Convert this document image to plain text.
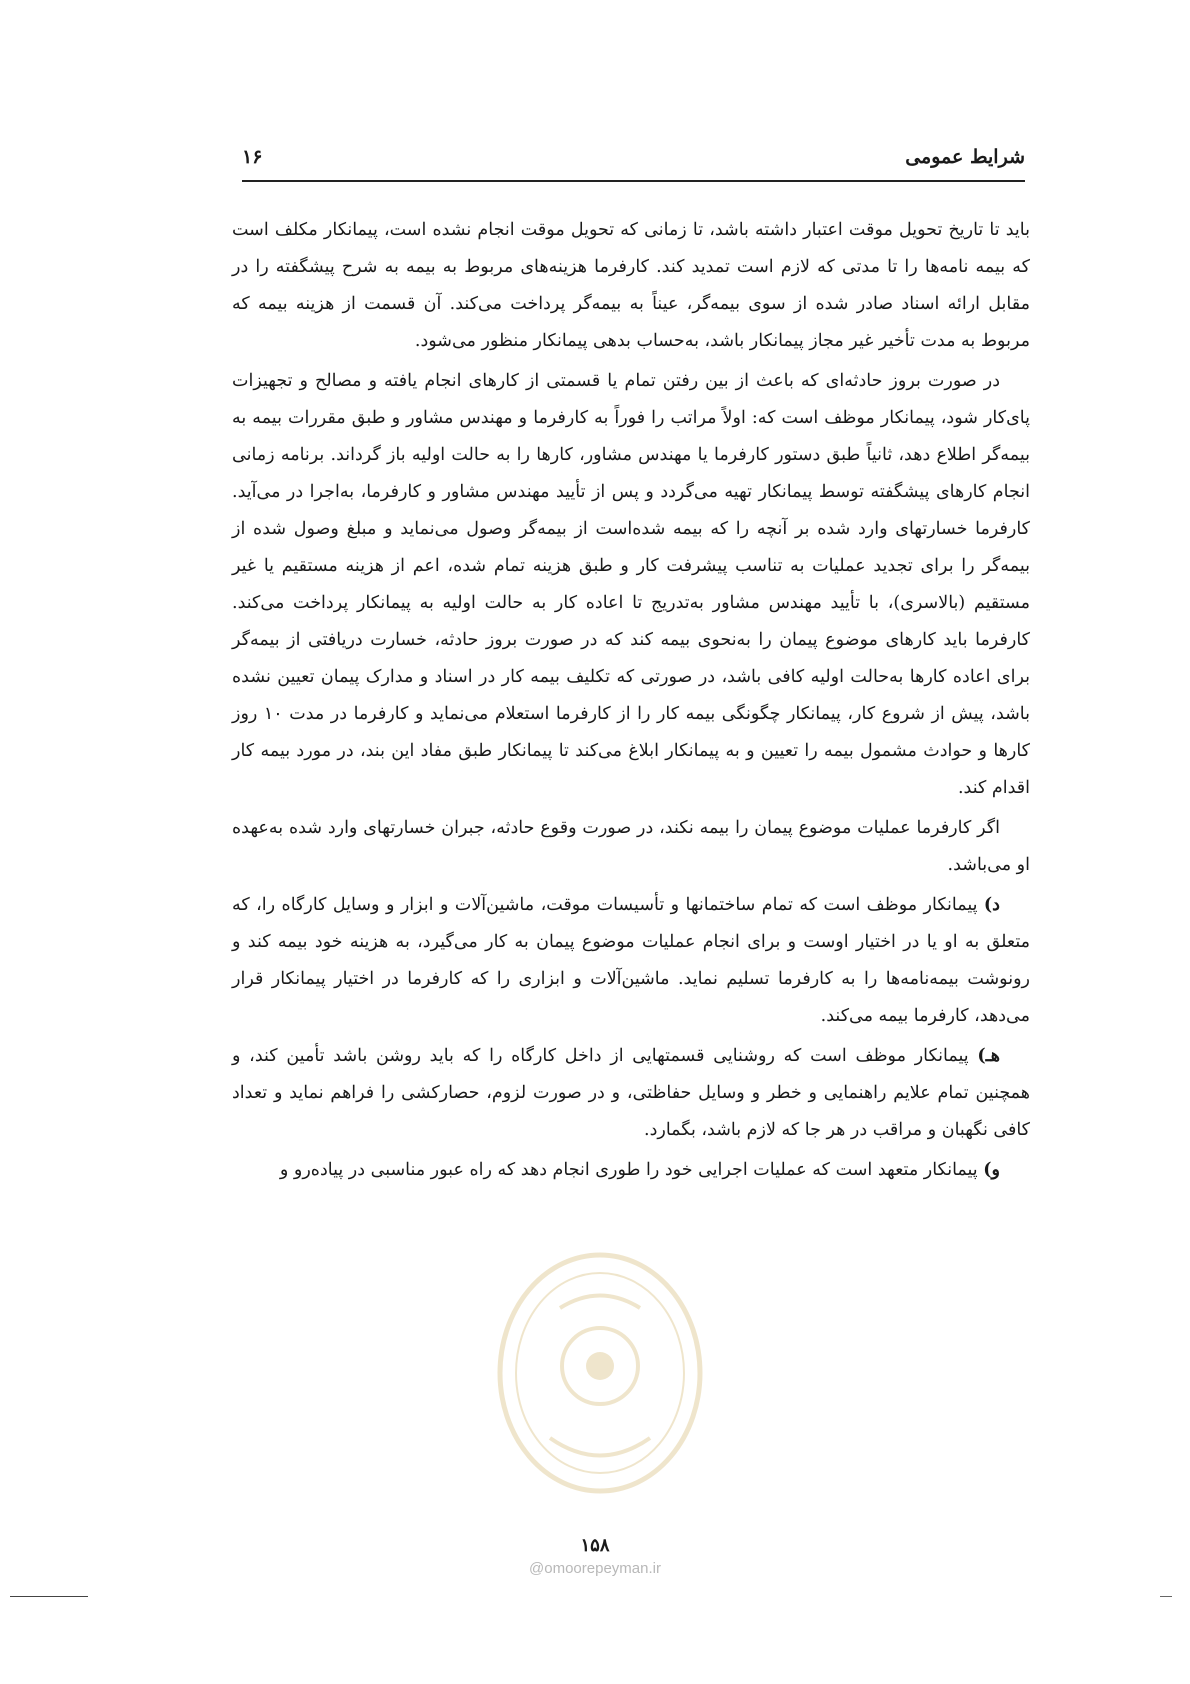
شرایط عمومی
۱۶

باید تا تاریخ تحویل موقت اعتبار داشته باشد، تا زمانی که تحویل موقت انجام نشده است، پیمانکار مکلف است که بیمه نامه‌ها را تا مدتی که لازم است تمدید کند. کارفرما هزینه‌های مربوط به بیمه به شرح پیشگفته را در مقابل ارائه اسناد صادر شده از سوی بیمه‌گر، عیناً به بیمه‌گر پرداخت می‌کند. آن قسمت از هزینه بیمه که مربوط به مدت تأخیر غیر مجاز پیمانکار باشد، به‌حساب بدهی پیمانکار منظور می‌شود.

در صورت بروز حادثه‌ای که باعث از بین رفتن تمام یا قسمتی از کارهای انجام یافته و مصالح و تجهیزات پای‌کار شود، پیمانکار موظف است که: اولاً مراتب را فوراً به کارفرما و مهندس مشاور و طبق مقررات بیمه به بیمه‌گر اطلاع دهد، ثانیاً طبق دستور کارفرما یا مهندس مشاور، کارها را به حالت اولیه باز گرداند. برنامه زمانی انجام کارهای پیشگفته توسط پیمانکار تهیه می‌گردد و پس از تأیید مهندس مشاور و کارفرما، به‌اجرا در می‌آید. کارفرما خسارتهای وارد شده بر آنچه را که بیمه شده‌است از بیمه‌گر وصول می‌نماید و مبلغ وصول شده از بیمه‌گر را برای تجدید عملیات به تناسب پیشرفت کار و طبق هزینه تمام شده، اعم از هزینه مستقیم یا غیر مستقیم (بالاسری)، با تأیید مهندس مشاور به‌تدریج تا اعاده کار به حالت اولیه به پیمانکار پرداخت می‌کند. کارفرما باید کارهای موضوع پیمان را به‌نحوی بیمه کند که در صورت بروز حادثه، خسارت دریافتی از بیمه‌گر برای اعاده کارها به‌حالت اولیه کافی باشد، در صورتی که تکلیف بیمه کار در اسناد و مدارک پیمان تعیین نشده باشد، پیش از شروع کار، پیمانکار چگونگی بیمه کار را از کارفرما استعلام می‌نماید و کارفرما در مدت ۱۰ روز کارها و حوادث مشمول بیمه را تعیین و به پیمانکار ابلاغ می‌کند تا پیمانکار طبق مفاد این بند، در مورد بیمه کار اقدام کند.

اگر کارفرما عملیات موضوع پیمان را بیمه نکند، در صورت وقوع حادثه، جبران خسارتهای وارد شده به‌عهده او می‌باشد.

د) پیمانکار موظف است که تمام ساختمانها و تأسیسات موقت، ماشین‌آلات و ابزار و وسایل کارگاه را، که متعلق به او یا در اختیار اوست و برای انجام عملیات موضوع پیمان به کار می‌گیرد، به هزینه خود بیمه کند و رونوشت بیمه‌نامه‌ها را به کارفرما تسلیم نماید. ماشین‌آلات و ابزاری را که کارفرما در اختیار پیمانکار قرار می‌دهد، کارفرما بیمه می‌کند.

هـ) پیمانکار موظف است که روشنایی قسمتهایی از داخل کارگاه را که باید روشن باشد تأمین کند، و همچنین تمام علایم راهنمایی و خطر و وسایل حفاظتی، و در صورت لزوم، حصارکشی را فراهم نماید و تعداد کافی نگهبان و مراقب در هر جا که لازم باشد، بگمارد.

و) پیمانکار متعهد است که عملیات اجرایی خود را طوری انجام دهد که راه عبور مناسبی در پیاده‌رو و

۱۵۸
@omoorepeyman.ir
